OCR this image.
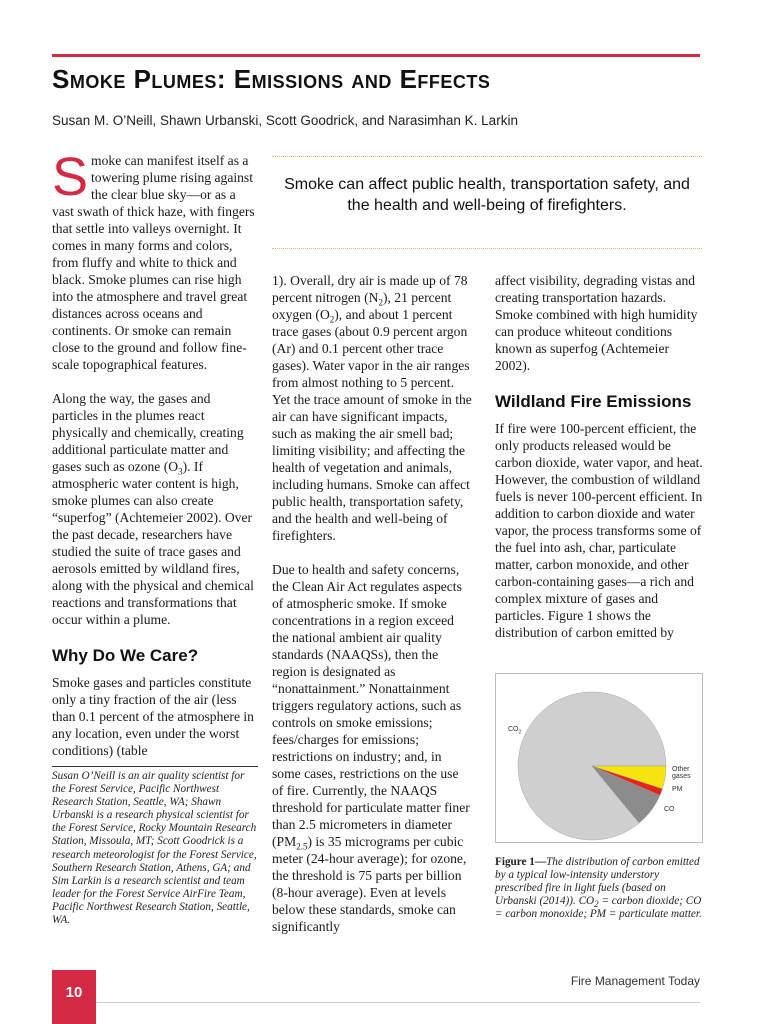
Smoke Plumes: Emissions and Effects
Susan M. O’Neill, Shawn Urbanski, Scott Goodrick, and Narasimhan K. Larkin

Smoke can manifest itself as a towering plume rising against the clear blue sky—or as a vast swath of thick haze, with fingers that settle into valleys overnight. It comes in many forms and colors, from fluffy and white to thick and black. Smoke plumes can rise high into the atmosphere and travel great distances across oceans and continents. Or smoke can remain close to the ground and follow fine-scale topographical features.

Along the way, the gases and particles in the plumes react physically and chemically, creating additional particulate matter and gases such as ozone $(O_3)$. If atmospheric water content is high, smoke plumes can also create “superfog” (Achtemeier 2002). Over the past decade, researchers have studied the suite of trace gases and aerosols emitted by wildland fires, along with the physical and chemical reactions and transformations that occur within a plume.

Why Do We Care?

Smoke gases and particles constitute only a tiny fraction of the air (less than 0.1 percent of the atmosphere in any location, even under the worst conditions) (table

Susan O’Neill is an air quality scientist for the Forest Service, Pacific Northwest Research Station, Seattle, WA; Shawn Urbanski is a research physical scientist for the Forest Service, Rocky Mountain Research Station, Missoula, MT; Scott Goodrick is a research meteorologist for the Forest Service, Southern Research Station, Athens, GA; and Sim Larkin is a research scientist and team leader for the Forest Service AirFire Team, Pacific Northwest Research Station, Seattle, WA.
Smoke can affect public health, transportation safety, and the health and well-being of firefighters.

1). Overall, dry air is made up of 78 percent nitrogen $(N_2)$, 21 percent oxygen $(O_2)$, and about 1 percent trace gases (about 0.9 percent argon (Ar) and 0.1 percent other trace gases). Water vapor in the air ranges from almost nothing to 5 percent. Yet the trace amount of smoke in the air can have significant impacts, such as making the air smell bad; limiting visibility; and affecting the health of vegetation and animals, including humans. Smoke can affect public health, transportation safety, and the health and well-being of firefighters.

Due to health and safety concerns, the Clean Air Act regulates aspects of atmospheric smoke. If smoke concentrations in a region exceed the national ambient air quality standards (NAAQSs), then the region is designated as “nonattainment.” Nonattainment triggers regulatory actions, such as controls on smoke emissions; fees/charges for emissions; restrictions on industry; and, in some cases, restrictions on the use of fire. Currently, the NAAQS threshold for particulate matter finer than 2.5 micrometers in diameter $(PM_{2.5})$ is 35 micrograms per cubic meter (24-hour average); for ozone, the threshold is 75 parts per billion (8-hour average). Even at levels below these standards, smoke can significantly

affect visibility, degrading vistas and creating transportation hazards. Smoke combined with high humidity can produce whiteout conditions known as superfog (Achtemeier 2002).

Wildland Fire Emissions

If fire were 100-percent efficient, the only products released would be carbon dioxide, water vapor, and heat. However, the combustion of wildland fuels is never 100-percent efficient. In addition to carbon dioxide and water vapor, the process transforms some of the fuel into ash, char, particulate matter, carbon monoxide, and other carbon-containing gases—a rich and complex mixture of gases and particles. Figure 1 shows the distribution of carbon emitted by

$CO_2$
Other gases
PM
CO
Figure 1—The distribution of carbon emitted by a typical low-intensity understory prescribed fire in light fuels (based on Urbanski (2014)). $CO_2$ = carbon dioxide; CO = carbon monoxide; PM = particulate matter.
10
Fire Management Today
